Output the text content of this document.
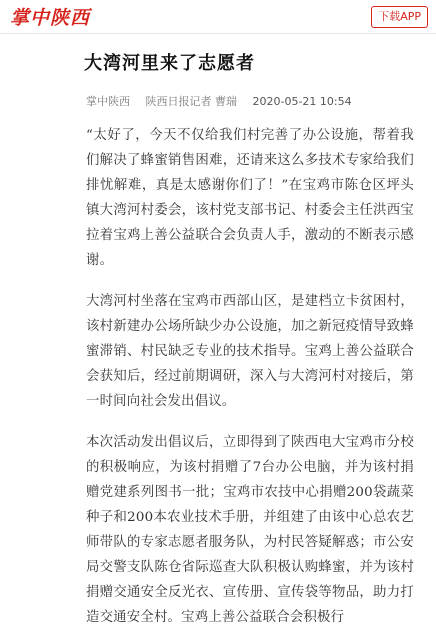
掌中陕西	下载APP
大湾河里来了志愿者
掌中陕西 陕西日报记者 曹瑞 2020-05-21 10:54

“太好了，今天不仅给我们村完善了办公设施，帮着我们解决了蜂蜜销售困难，还请来这么多技术专家给我们排忧解难，真是太感谢你们了！”在宝鸡市陈仓区坪头镇大湾河村委会，该村党支部书记、村委会主任洪西宝拉着宝鸡上善公益联合会负责人手，激动的不断表示感谢。

大湾河村坐落在宝鸡市西部山区，是建档立卡贫困村，该村新建办公场所缺少办公设施，加之新冠疫情导致蜂蜜滞销、村民缺乏专业的技术指导。宝鸡上善公益联合会获知后，经过前期调研，深入与大湾河村对接后，第一时间向社会发出倡议。

本次活动发出倡议后，立即得到了陕西电大宝鸡市分校的积极响应，为该村捐赠了7台办公电脑，并为该村捐赠党建系列图书一批；宝鸡市农技中心捐赠200袋蔬菜种子和200本农业技术手册，并组建了由该中心总农艺师带队的专家志愿者服务队，为村民答疑解惑；市公安局交警支队陈仓省际巡查大队积极认购蜂蜜，并为该村捐赠交通安全反光衣、宣传册、宣传袋等物品，助力打造交通安全村。宝鸡上善公益联合会积极行
